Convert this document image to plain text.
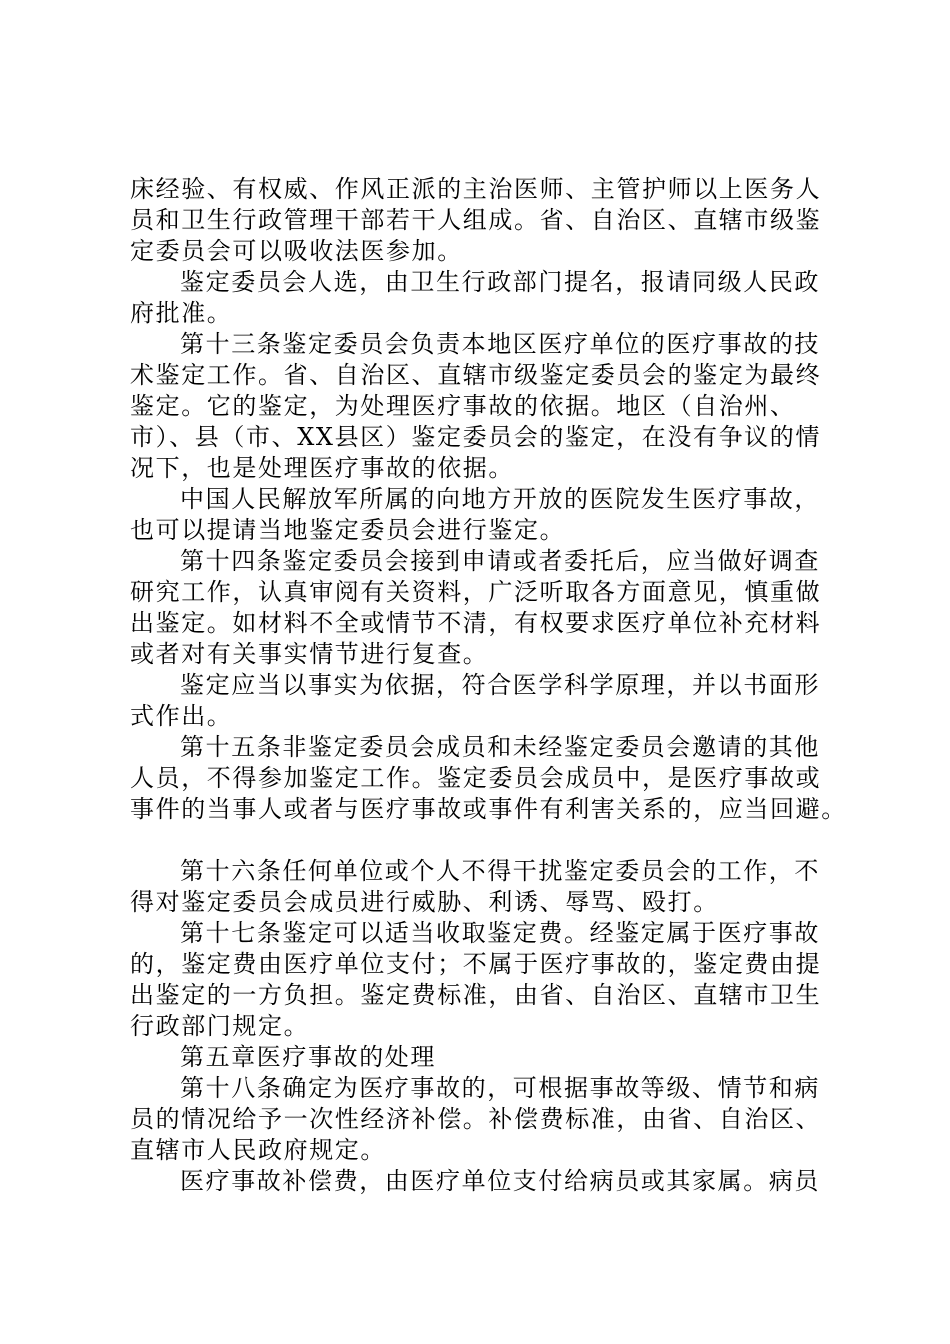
床经验、有权威、作风正派的主治医师、主管护师以上医务人
员和卫生行政管理干部若干人组成。省、自治区、直辖市级鉴
定委员会可以吸收法医参加。
鉴定委员会人选，由卫生行政部门提名，报请同级人民政
府批准。
第十三条鉴定委员会负责本地区医疗单位的医疗事故的技
术鉴定工作。省、自治区、直辖市级鉴定委员会的鉴定为最终
鉴定。它的鉴定，为处理医疗事故的依据。地区（自治州、
市）、县（市、XX县区）鉴定委员会的鉴定，在没有争议的情
况下，也是处理医疗事故的依据。
中国人民解放军所属的向地方开放的医院发生医疗事故，
也可以提请当地鉴定委员会进行鉴定。
第十四条鉴定委员会接到申请或者委托后，应当做好调查
研究工作，认真审阅有关资料，广泛听取各方面意见，慎重做
出鉴定。如材料不全或情节不清，有权要求医疗单位补充材料
或者对有关事实情节进行复查。
鉴定应当以事实为依据，符合医学科学原理，并以书面形
式作出。
第十五条非鉴定委员会成员和未经鉴定委员会邀请的其他
人员，不得参加鉴定工作。鉴定委员会成员中，是医疗事故或
事件的当事人或者与医疗事故或事件有利害关系的，应当回避。
第十六条任何单位或个人不得干扰鉴定委员会的工作，不
得对鉴定委员会成员进行威胁、利诱、辱骂、殴打。
第十七条鉴定可以适当收取鉴定费。经鉴定属于医疗事故
的，鉴定费由医疗单位支付；不属于医疗事故的，鉴定费由提
出鉴定的一方负担。鉴定费标准，由省、自治区、直辖市卫生
行政部门规定。
第五章医疗事故的处理
第十八条确定为医疗事故的，可根据事故等级、情节和病
员的情况给予一次性经济补偿。补偿费标准，由省、自治区、
直辖市人民政府规定。
医疗事故补偿费，由医疗单位支付给病员或其家属。病员
